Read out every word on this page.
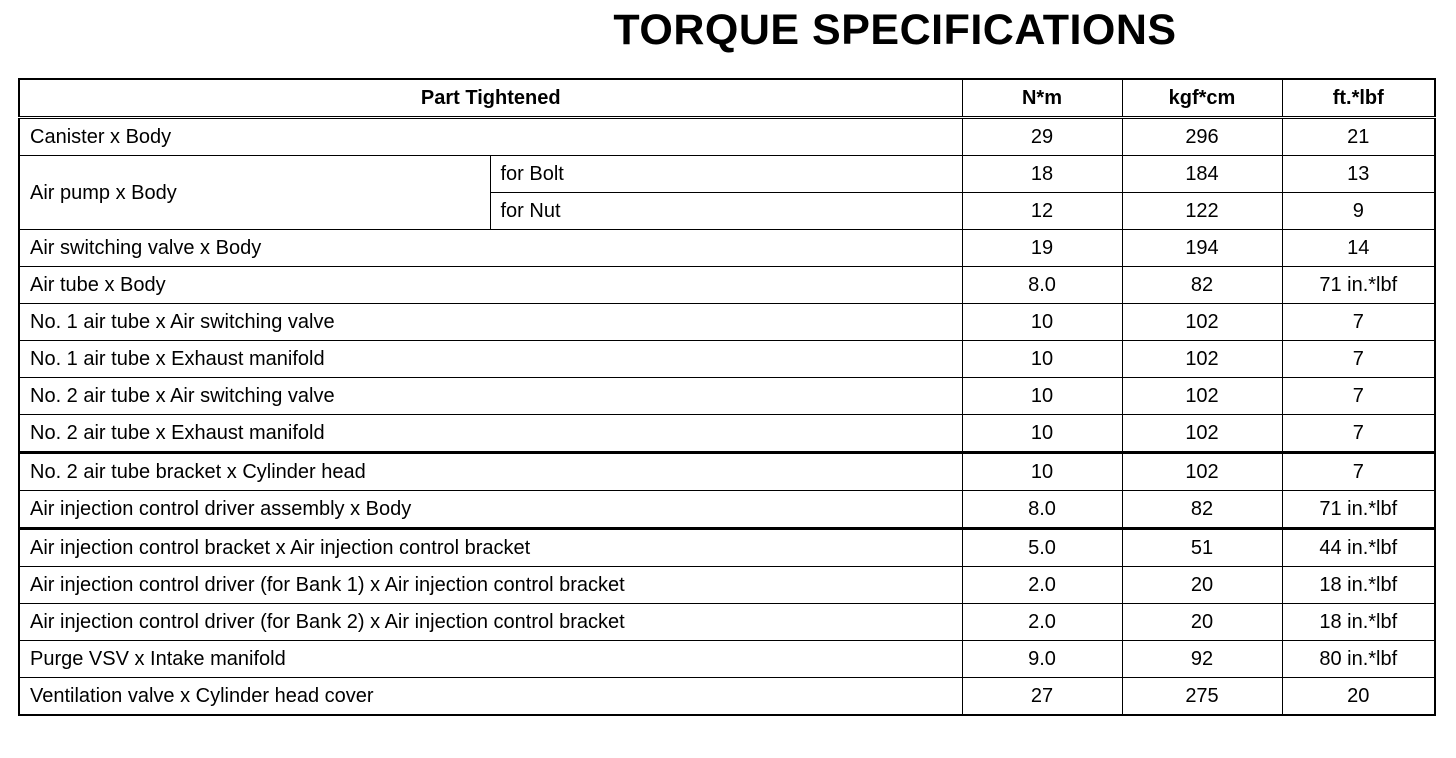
TORQUE SPECIFICATIONS
Part Tightened		N*m	kgf*cm	ft.*lbf
Canister x Body		29	296	21
Air pump x Body	for Bolt	18	184	13
	for Nut	12	122	9
Air switching valve x Body		19	194	14
Air tube x Body		8.0	82	71 in.*lbf
No. 1 air tube x Air switching valve		10	102	7
No. 1 air tube x Exhaust manifold		10	102	7
No. 2 air tube x Air switching valve		10	102	7
No. 2 air tube x Exhaust manifold		10	102	7
No. 2 air tube bracket x Cylinder head		10	102	7
Air injection control driver assembly x Body		8.0	82	71 in.*lbf
Air injection control bracket x Air injection control bracket		5.0	51	44 in.*lbf
Air injection control driver (for Bank 1) x Air injection control bracket		2.0	20	18 in.*lbf
Air injection control driver (for Bank 2) x Air injection control bracket		2.0	20	18 in.*lbf
Purge VSV x Intake manifold		9.0	92	80 in.*lbf
Ventilation valve x Cylinder head cover		27	275	20
